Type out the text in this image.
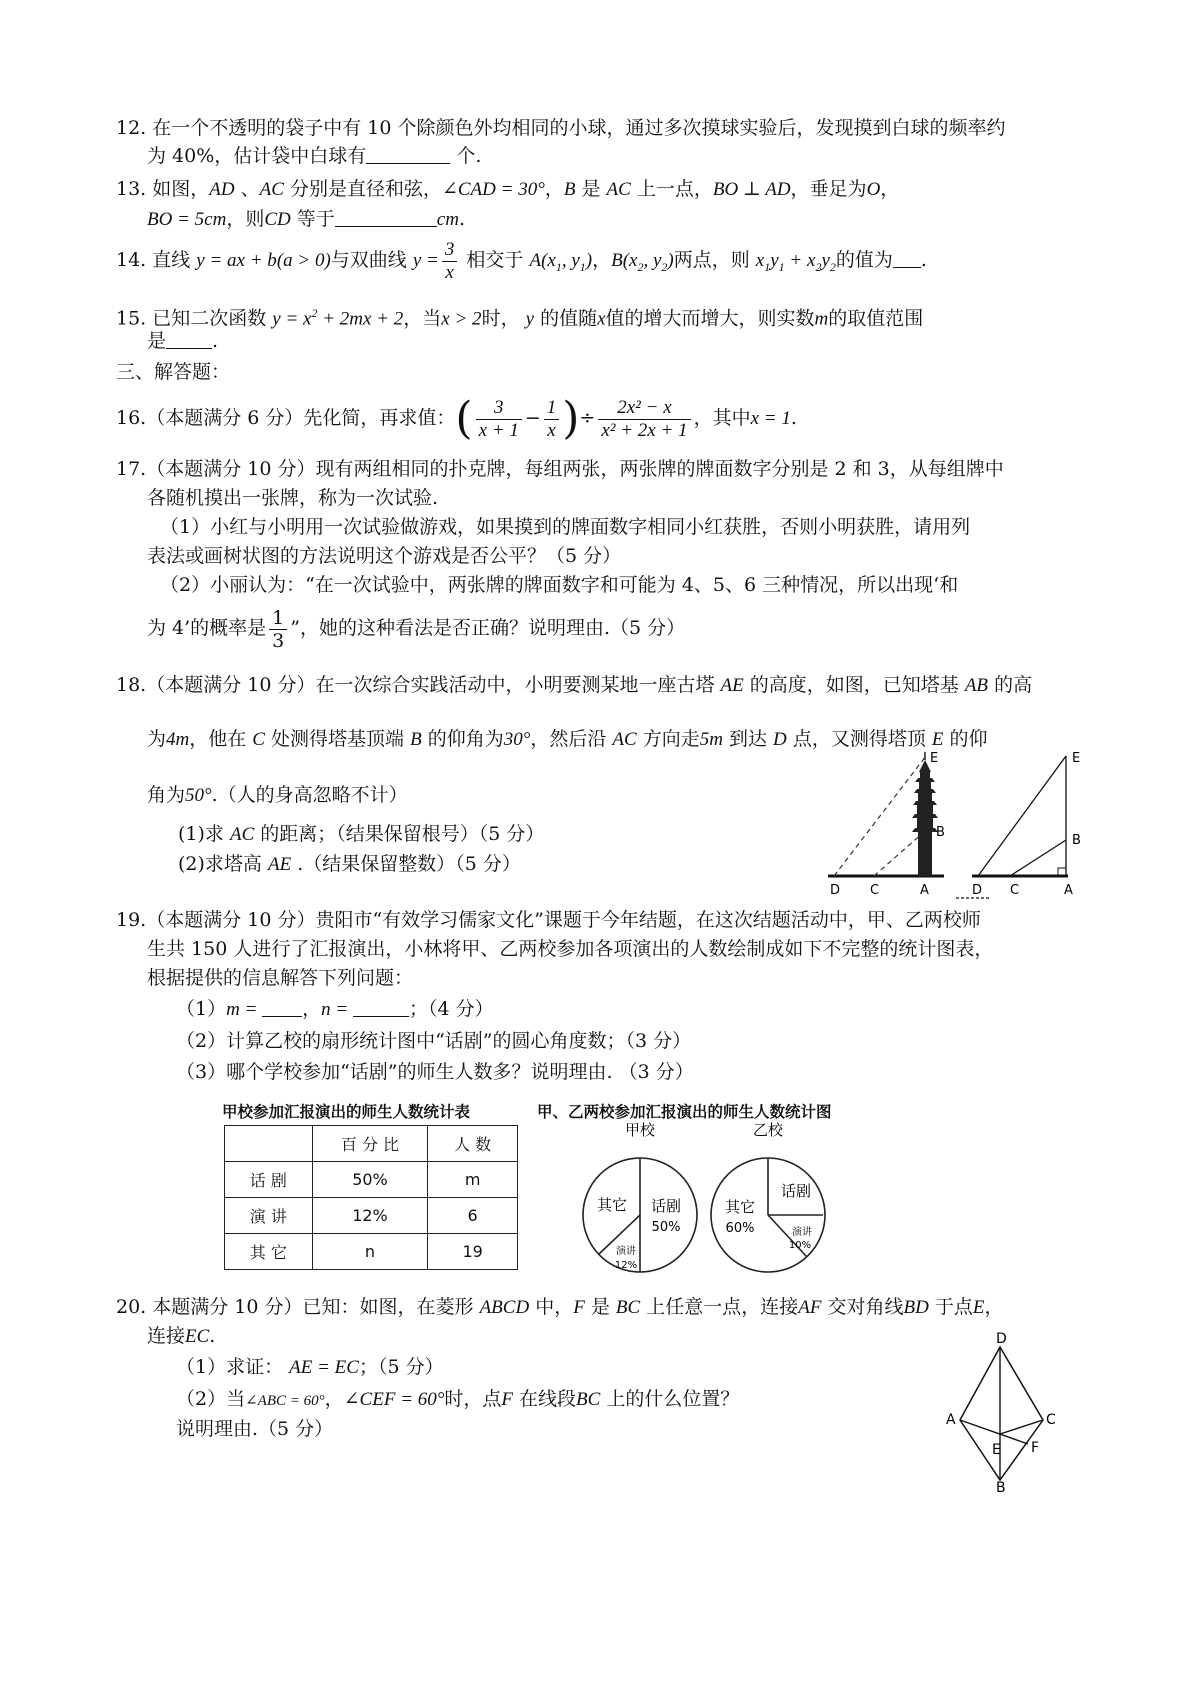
12. 在一个不透明的袋子中有 10 个除颜色外均相同的小球，通过多次摸球实验后，发现摸到白球的频率约
为 40%，估计袋中白球有	个.
13. 如图，AD 、AC 分别是直径和弦，∠CAD = 30°，B 是 AC 上一点，BO ⊥ AD，垂足为O，
BO = 5cm，则CD 等于	cm.
14. 直线 y = ax + b(a > 0)与双曲线 $y = \frac{3}{x}$ 相交于 $A(x_1$, $y_1$)，$B(x_2$, $y_2$)两点，则 $x_1y_1 + x_2y_2$的值为 .
15. 已知二次函数 $y = x^2 + 2mx + 2$，当x > 2时， y 的值随x值的增大而增大，则实数m的取值范围
是 .
三、解答题：
16.（本题满分 6 分）先化简，再求值：( $\frac{3}{x + 1} - \frac{1}{x}$ )÷ $\frac{\text{2x² − x}}{\text{x² + 2x + 1}}$ ，其中x = 1.
17.（本题满分 10 分）现有两组相同的扑克牌，每组两张，两张牌的牌面数字分别是 2 和 3，从每组牌中
各随机摸出一张牌，称为一次试验.
（1）小红与小明用一次试验做游戏，如果摸到的牌面数字相同小红获胜，否则小明获胜，请用列
表法或画树状图的方法说明这个游戏是否公平？（5 分）
（2）小丽认为：“在一次试验中，两张牌的牌面数字和可能为 4、5、6 三种情况，所以出现‘和
为 4’的概率是 $\frac{1}{3}$ ”，她的这种看法是否正确？说明理由.（5 分）
18.（本题满分 10 分）在一次综合实践活动中，小明要测某地一座古塔 AE 的高度，如图，已知塔基 AB 的高
为4m，他在 C 处测得塔基顶端 B 的仰角为30°，然后沿 AC 方向走5m 到达 D 点，又测得塔顶 E 的仰
角为50°.（人的身高忽略不计）
(1)求 AC 的距离；（结果保留根号）（5 分）
(2)求塔高 AE .（结果保留整数）（5 分）
E
B
D C	A
E
B
D C	A
19.（本题满分 10 分）贵阳市“有效学习儒家文化”课题于今年结题，在这次结题活动中，甲、乙两校师
生共 150 人进行了汇报演出，小林将甲、乙两校参加各项演出的人数绘制成如下不完整的统计图表，
根据提供的信息解答下列问题：
（1）m = ，n =	；（4 分）
（2）计算乙校的扇形统计图中“话剧”的圆心角度数；（3 分）
（3）哪个学校参加“话剧”的师生人数多？说明理由. （3 分）
甲校参加汇报演出的师生人数统计表	甲、乙两校参加汇报演出的师生人数统计图
	百 分 比	人 数
话 剧	50%	m
演 讲	12%	6
其 它	n	19
甲校
其它 话剧
50%
演讲
12%
乙校
其它
60%
话剧
演讲
10%
20. 本题满分 10 分）已知：如图，在菱形 ABCD 中，F 是 BC 上任意一点，连接AF 交对角线BD 于点E，
连接EC.
（1）求证： AE = EC；（5 分）
（2）当∠ABC = 60°，∠CEF = 60°时，点F 在线段BC 上的什么位置？
说明理由.（5 分）
D
A	C
E F
B
